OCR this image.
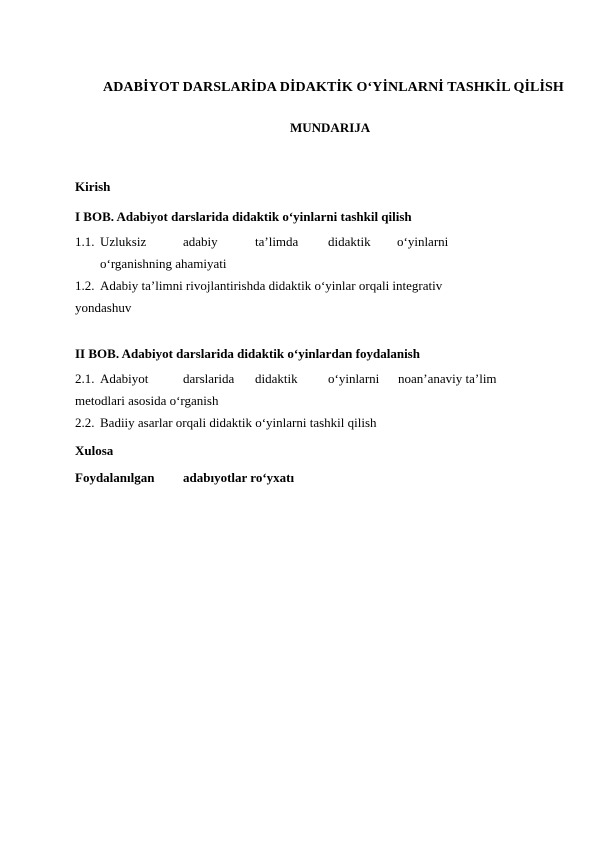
ADABİYOT DARSLARİDA DİDAKTİK O‘YİNLARNİ TASHKİL QİLİSH
MUNDARIJA
Kirish
I BOB. Adabiyot darslarida didaktik o‘yinlarni tashkil qilish
1.1. Uzluksiz	adabiy	ta’limda didaktik o‘yinlarni
o‘rganishning ahamiyati
1.2. Adabiy ta’limni rivojlantirishda didaktik o‘yinlar orqali integrativ
yondashuv
II BOB. Adabiyot darslarida didaktik o‘yinlardan foydalanish
2.1. Adabiyot	darslarida didaktik o‘yinlarni noan’anaviy ta’lim
metodlari asosida o‘rganish
2.2. Badiiy asarlar orqali didaktik o‘yinlarni tashkil qilish
Xulosa
Foydalanılgan adabıyotlar ro‘yxatı
